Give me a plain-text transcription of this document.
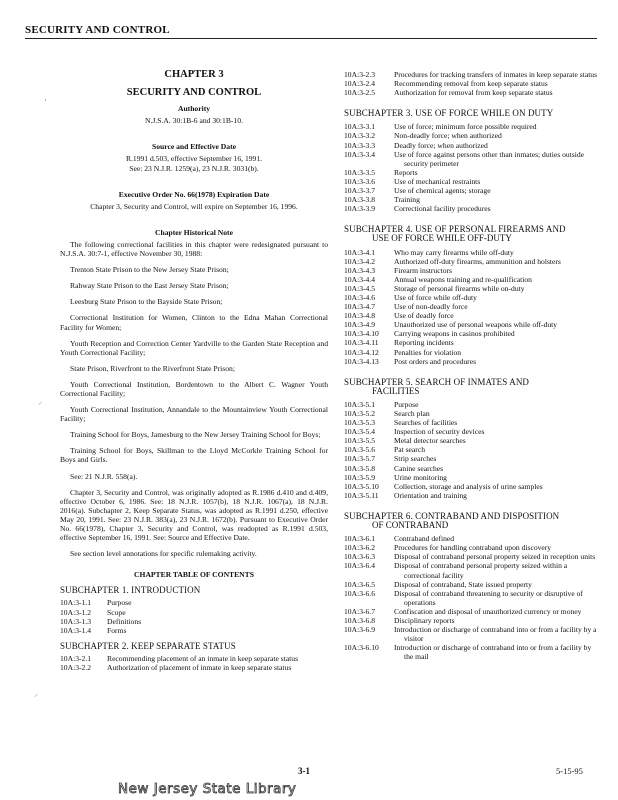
SECURITY AND CONTROL

CHAPTER 3

SECURITY AND CONTROL

Authority

N.J.S.A. 30:1B-6 and 30:1B-10.

Source and Effective Date

R.1991 d.503, effective September 16, 1991.

See: 23 N.J.R. 1259(a), 23 N.J.R. 3031(b).

Executive Order No. 66(1978) Expiration Date

Chapter 3, Security and Control, will expire on September 16, 1996.

Chapter Historical Note

The following correctional facilities in this chapter were redesignated pursuant to N.J.S.A. 30:7-1, effective November 30, 1988:

Trenton State Prison to the New Jersey State Prison;

Rahway State Prison to the East Jersey State Prison;

Leesburg State Prison to the Bayside State Prison;

Correctional Institution for Women, Clinton to the Edna Mahan Correctional Facility for Women;

Youth Reception and Correction Center Yardville to the Garden State Reception and Youth Correctional Facility;

State Prison, Riverfront to the Riverfront State Prison;

Youth Correctional Institution, Bordentown to the Albert C. Wagner Youth Correctional Facility;

Youth Correctional Institution, Annandale to the Mountainview Youth Correctional Facility;

Training School for Boys, Jamesburg to the New Jersey Training School for Boys;

Training School for Boys, Skillman to the Lloyd McCorkle Training School for Boys and Girls.

See: 21 N.J.R. 558(a).

Chapter 3, Security and Control, was originally adopted as R.1986 d.410 and d.409, effective October 6, 1986. See: 18 N.J.R. 1057(b), 18 N.J.R. 1067(a), 18 N.J.R. 2016(a). Subchapter 2, Keep Separate Status, was adopted as R.1991 d.250, effective May 20, 1991. See: 23 N.J.R. 383(a), 23 N.J.R. 1672(b). Pursuant to Executive Order No. 66(1978), Chapter 3, Security and Control, was readopted as R.1991 d.503, effective September 16, 1991. See: Source and Effective Date.

See section level annotations for specific rulemaking activity.

CHAPTER TABLE OF CONTENTS

SUBCHAPTER 1. INTRODUCTION

10A:3-1.1	Purpose
10A:3-1.2	Scope
10A:3-1.3	Definitions
10A:3-1.4	Forms

SUBCHAPTER 2. KEEP SEPARATE STATUS

10A:3-2.1	Recommending placement of an inmate in keep separate status
10A:3-2.2	Authorization of placement of inmate in keep separate status
10A:3-2.3	Procedures for tracking transfers of inmates in keep separate status
10A:3-2.4	Recommending removal from keep separate status
10A:3-2.5	Authorization for removal from keep separate status

SUBCHAPTER 3. USE OF FORCE WHILE ON DUTY

10A:3-3.1	Use of force; minimum force possible required
10A:3-3.2	Non-deadly force; when authorized
10A:3-3.3	Deadly force; when authorized
10A:3-3.4	Use of force against persons other than inmates; duties outside security perimeter
10A:3-3.5	Reports
10A:3-3.6	Use of mechanical restraints
10A:3-3.7	Use of chemical agents; storage
10A:3-3.8	Training
10A:3-3.9	Correctional facility procedures

SUBCHAPTER 4. USE OF PERSONAL FIREARMS AND

USE OF FORCE WHILE OFF-DUTY

10A:3-4.1	Who may carry firearms while off-duty
10A:3-4.2	Authorized off-duty firearms, ammunition and holsters
10A:3-4.3	Firearm instructors
10A:3-4.4	Annual weapons training and re-qualification
10A:3-4.5	Storage of personal firearms while on-duty
10A:3-4.6	Use of force while off-duty
10A:3-4.7	Use of non-deadly force
10A:3-4.8	Use of deadly force
10A:3-4.9	Unauthorized use of personal weapons while off-duty
10A:3-4.10	Carrying weapons in casinos prohibited
10A:3-4.11	Reporting incidents
10A:3-4.12	Penalties for violation
10A:3-4.13	Post orders and procedures

SUBCHAPTER 5. SEARCH OF INMATES AND

FACILITIES

10A:3-5.1	Purpose
10A:3-5.2	Search plan
10A:3-5.3	Searches of facilities
10A:3-5.4	Inspection of security devices
10A:3-5.5	Metal detector searches
10A:3-5.6	Pat search
10A:3-5.7	Strip searches
10A:3-5.8	Canine searches
10A:3-5.9	Urine monitoring
10A:3-5.10	Collection, storage and analysis of urine samples
10A:3-5.11	Orientation and training

SUBCHAPTER 6. CONTRABAND AND DISPOSITION

OF CONTRABAND

10A:3-6.1	Contraband defined
10A:3-6.2	Procedures for handling contraband upon discovery
10A:3-6.3	Disposal of contraband personal property seized in reception units
10A:3-6.4	Disposal of contraband personal property seized within a correctional facility
10A:3-6.5	Disposal of contraband, State issued property
10A:3-6.6	Disposal of contraband threatening to security or disruptive of operations
10A:3-6.7	Confiscation and disposal of unauthorized currency or money
10A:3-6.8	Disciplinary reports
10A:3-6.9	Introduction or discharge of contraband into or from a facility by a visitor
10A:3-6.10	Introduction or discharge of contraband into or from a facility by the mail
3-1	5-15-95
New Jersey State Library
‚
⸍
⸍
